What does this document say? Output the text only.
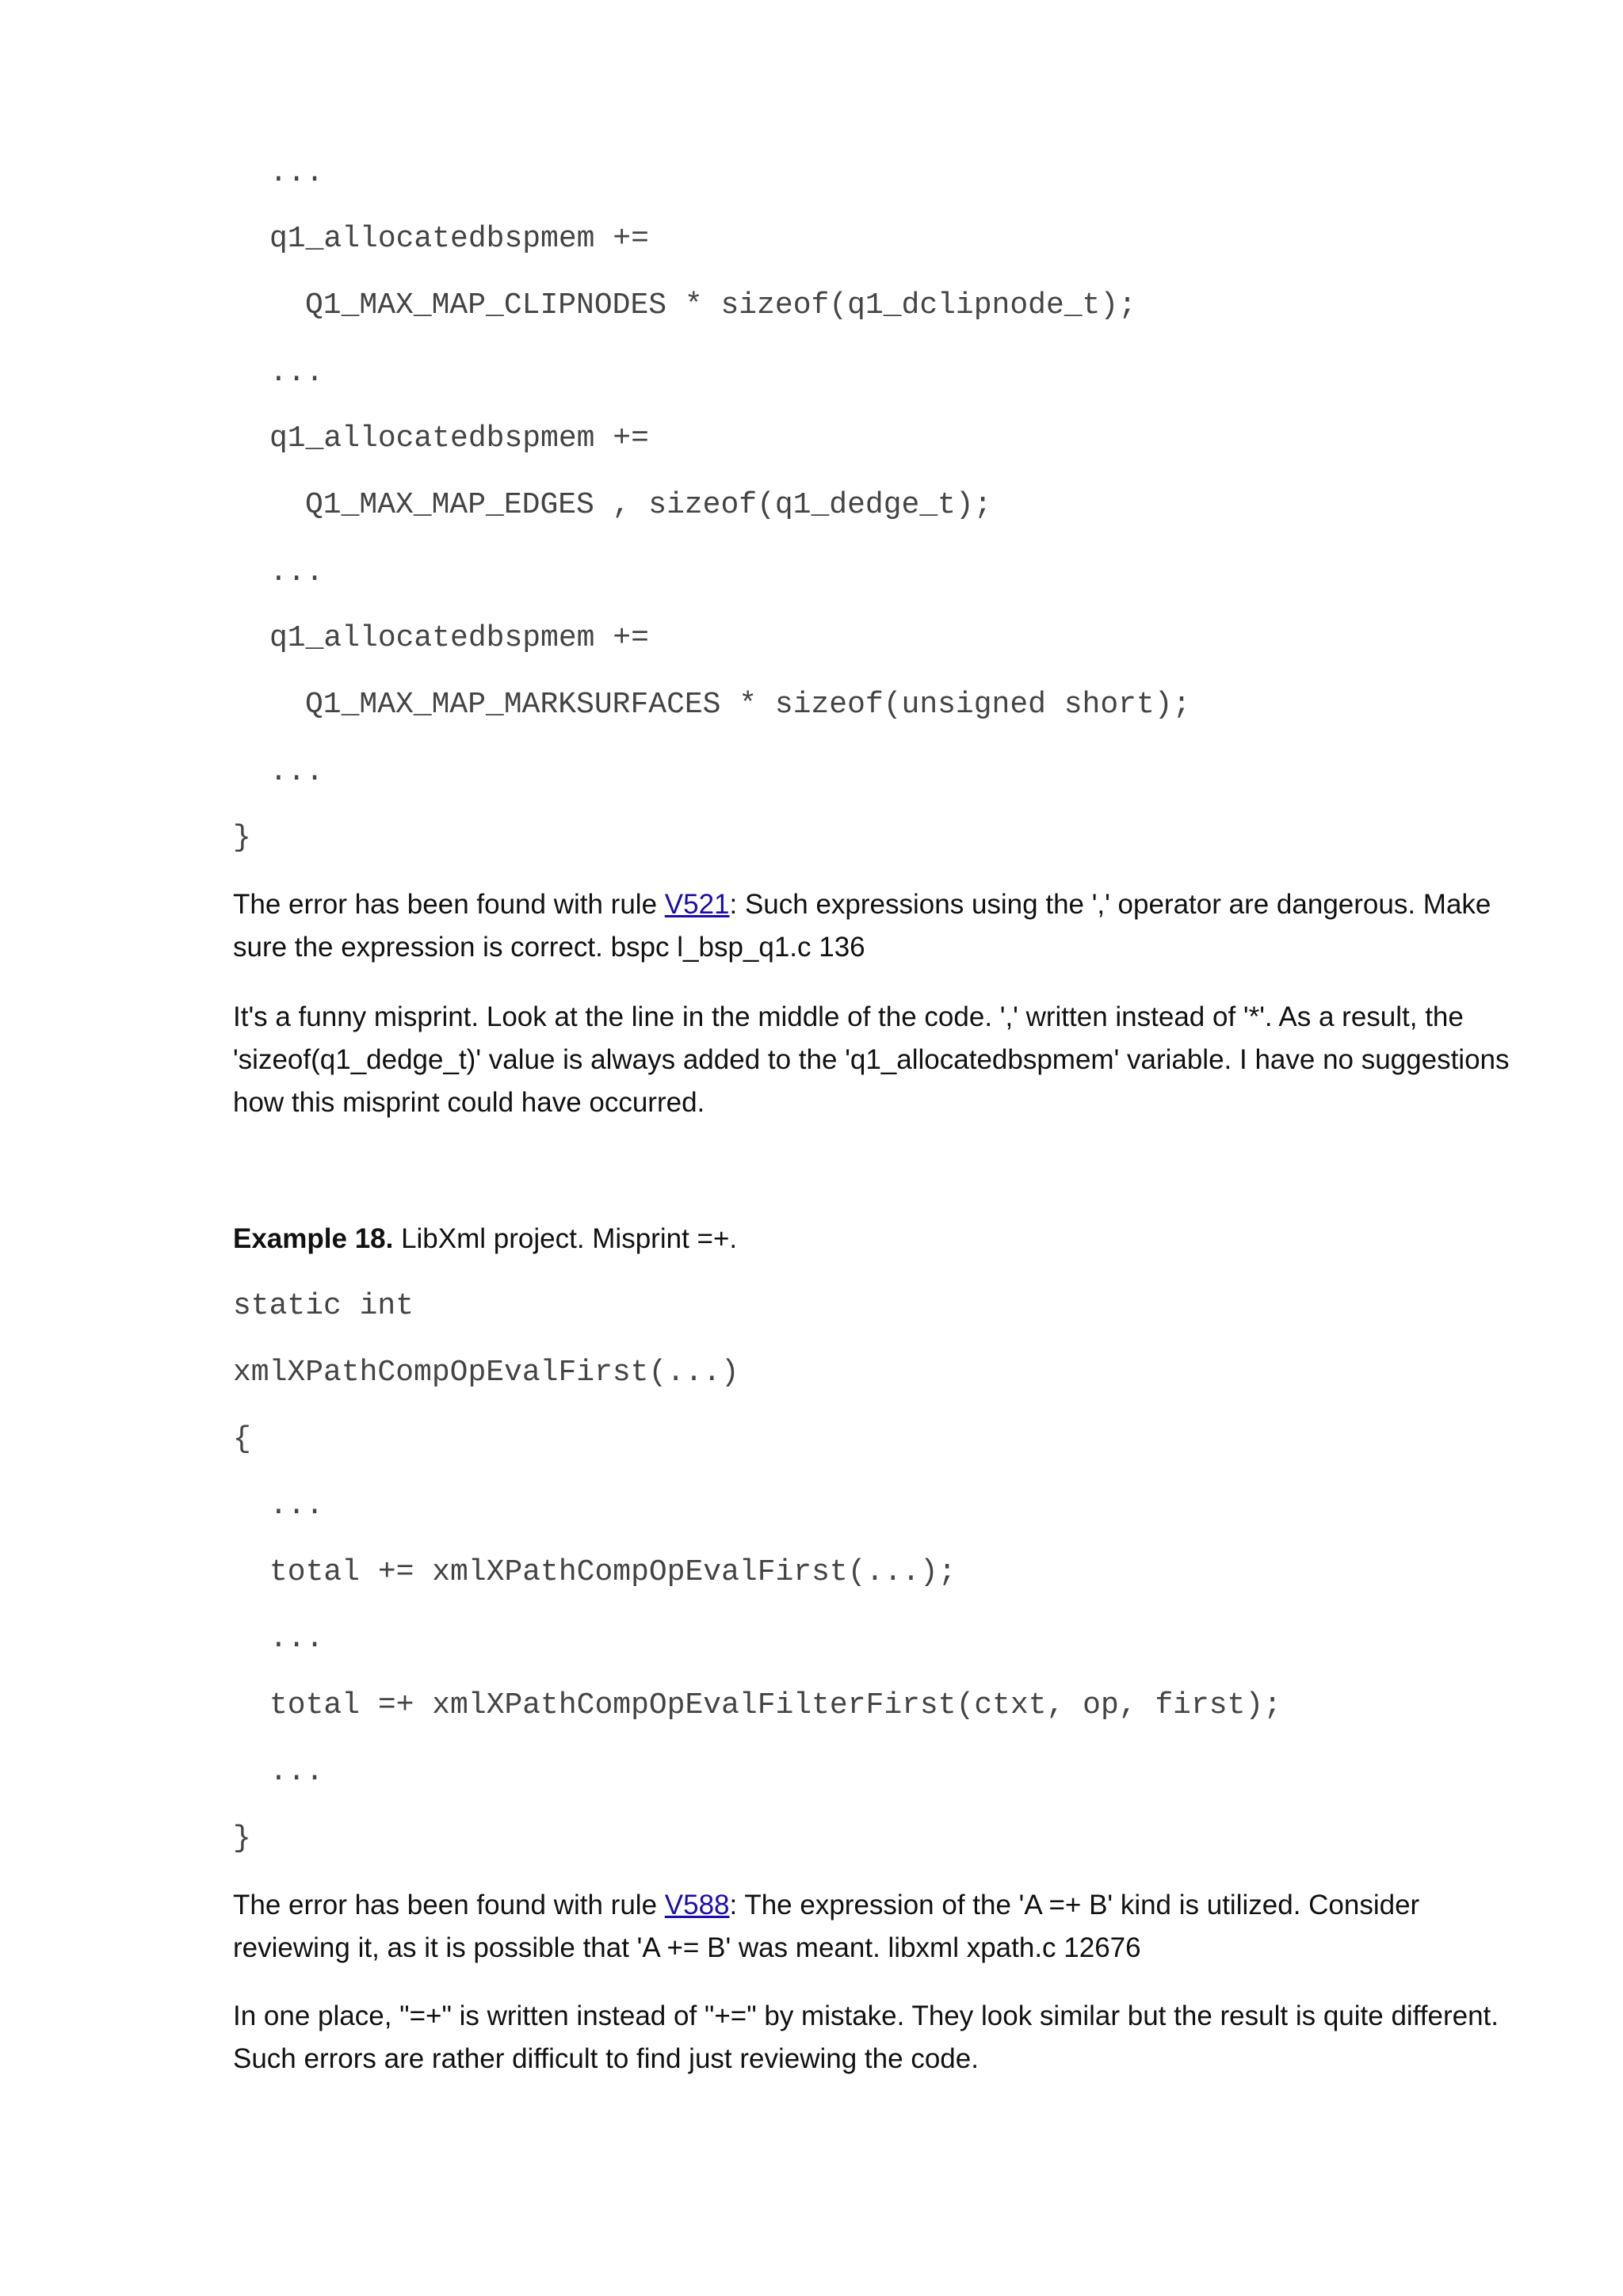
...
q1_allocatedbspmem +=
Q1_MAX_MAP_CLIPNODES * sizeof(q1_dclipnode_t);
...
q1_allocatedbspmem +=
Q1_MAX_MAP_EDGES , sizeof(q1_dedge_t);
...
q1_allocatedbspmem +=
Q1_MAX_MAP_MARKSURFACES * sizeof(unsigned short);
...
}

The error has been found with rule V521: Such expressions using the ',' operator are dangerous. Make sure the expression is correct. bspc l_bsp_q1.c 136

It's a funny misprint. Look at the line in the middle of the code. ',' written instead of '*'. As a result, the 'sizeof(q1_dedge_t)' value is always added to the 'q1_allocatedbspmem' variable. I have no suggestions how this misprint could have occurred.

Example 18. LibXml project. Misprint =+.

static int
xmlXPathCompOpEvalFirst(...)
{
...
total += xmlXPathCompOpEvalFirst(...);
...
total =+ xmlXPathCompOpEvalFilterFirst(ctxt, op, first);
...
}

The error has been found with rule V588: The expression of the 'A =+ B' kind is utilized. Consider reviewing it, as it is possible that 'A += B' was meant. libxml xpath.c 12676

In one place, "=+" is written instead of "+=" by mistake. They look similar but the result is quite different. Such errors are rather difficult to find just reviewing the code.
